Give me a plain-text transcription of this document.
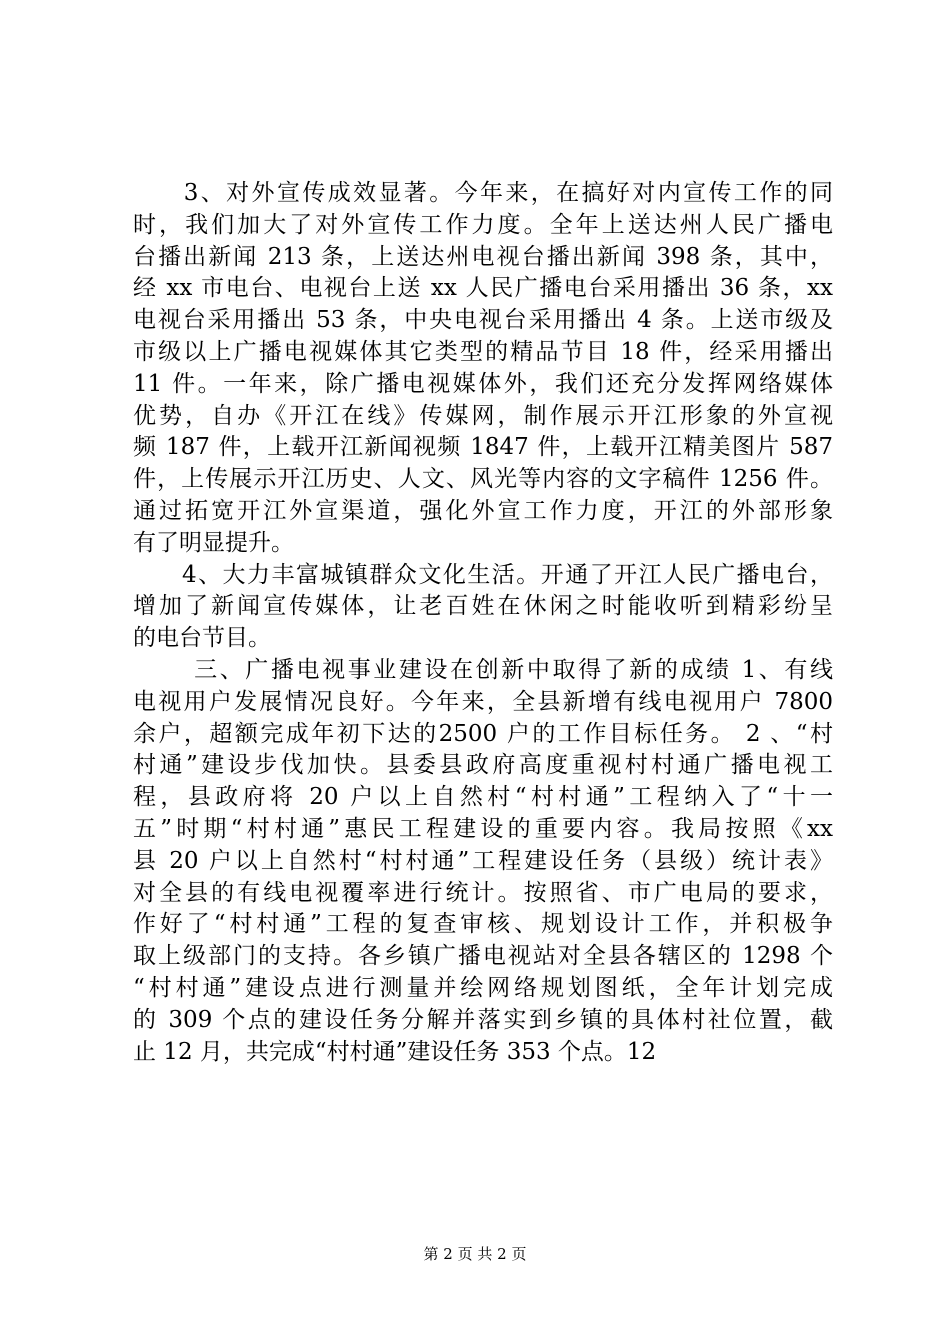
　　3、对外宣传成效显著。今年来，在搞好对内宣传工作的同
时，我们加大了对外宣传工作力度。全年上送达州人民广播电
台播出新闻 213 条，上送达州电视台播出新闻 398 条，其中，
经 xx 市电台、电视台上送 xx 人民广播电台采用播出 36 条，xx
电视台采用播出 53 条，中央电视台采用播出 4 条。上送市级及
市级以上广播电视媒体其它类型的精品节目 18 件，经采用播出
11 件。一年来，除广播电视媒体外，我们还充分发挥网络媒体
优势，自办《开江在线》传媒网，制作展示开江形象的外宣视
频 187 件，上载开江新闻视频 1847 件，上载开江精美图片 587
件，上传展示开江历史、人文、风光等内容的文字稿件 1256 件。
通过拓宽开江外宣渠道，强化外宣工作力度，开江的外部形象
有了明显提升。
　　4、大力丰富城镇群众文化生活。开通了开江人民广播电台，
增加了新闻宣传媒体，让老百姓在休闲之时能收听到精彩纷呈
的电台节目。
　　 三、广播电视事业建设在创新中取得了新的成绩 1、有线
电视用户发展情况良好。今年来，全县新增有线电视用户 7800
余户，超额完成年初下达的2500 户的工作目标任务。 2 、“村
村通”建设步伐加快。县委县政府高度重视村村通广播电视工
程，县政府将 20 户以上自然村“村村通”工程纳入了“十一
五”时期“村村通”惠民工程建设的重要内容。我局按照《xx
县 20 户以上自然村“村村通”工程建设任务（县级）统计表》
对全县的有线电视覆率进行统计。按照省、市广电局的要求，
作好了“村村通”工程的复查审核、规划设计工作，并积极争
取上级部门的支持。各乡镇广播电视站对全县各辖区的 1298 个
“村村通”建设点进行测量并绘网络规划图纸，全年计划完成
的 309 个点的建设任务分解并落实到乡镇的具体村社位置，截
止 12 月，共完成“村村通”建设任务 353 个点。12
第 2 页 共 2 页
